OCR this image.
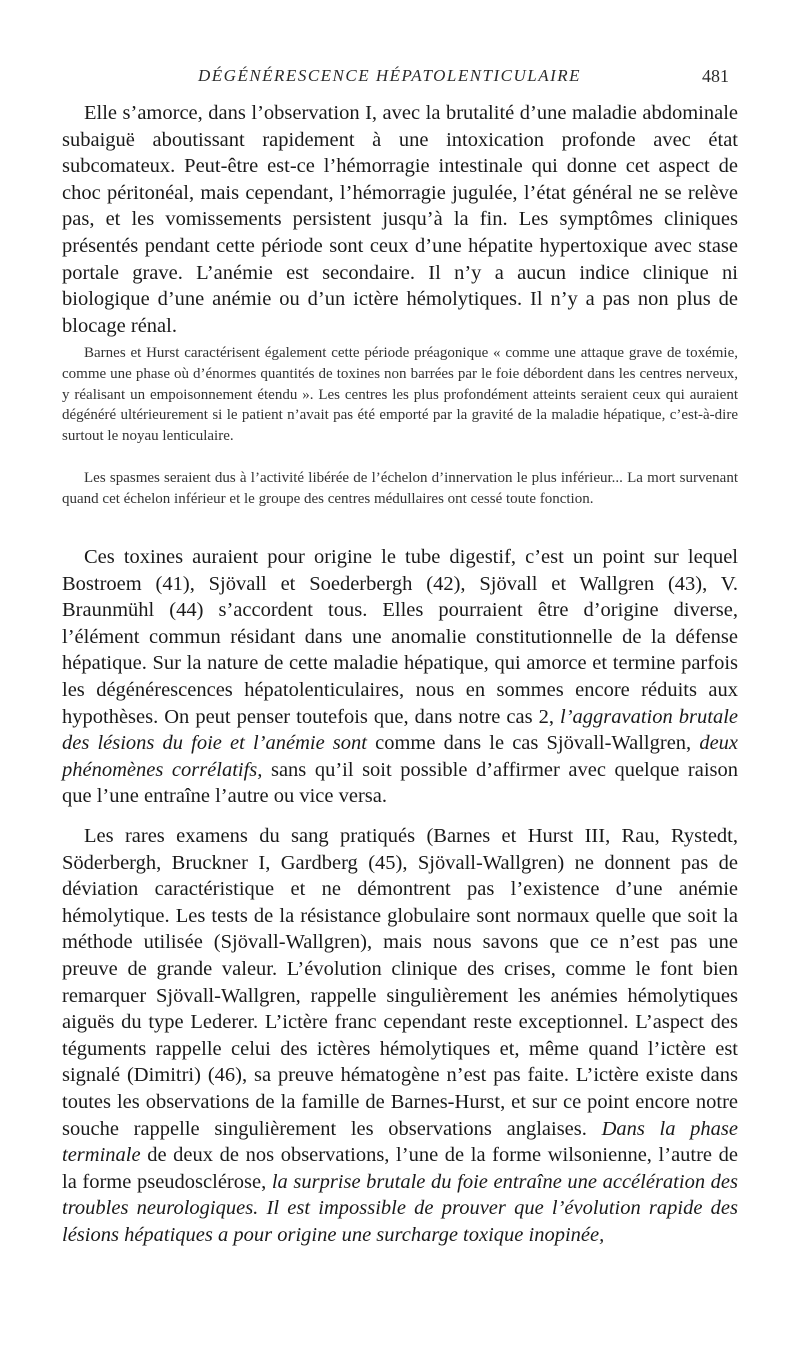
DÉGÉNÉRESCENCE HÉPATOLENTICULAIRE	481

Elle s’amorce, dans l’observation I, avec la brutalité d’une maladie abdominale subaiguë aboutissant rapidement à une intoxication profonde avec état subcomateux. Peut-être est-ce l’hémorragie intestinale qui donne cet aspect de choc péritonéal, mais cependant, l’hémorragie jugulée, l’état général ne se relève pas, et les vomissements persistent jusqu’à la fin. Les symptômes cliniques présentés pendant cette période sont ceux d’une hépatite hypertoxique avec stase portale grave. L’anémie est secondaire. Il n’y a aucun indice clinique ni biologique d’une anémie ou d’un ictère hémolytiques. Il n’y a pas non plus de blocage rénal.

Barnes et Hurst caractérisent également cette période préagonique « comme une attaque grave de toxémie, comme une phase où d’énormes quantités de toxines non barrées par le foie débordent dans les centres nerveux, y réalisant un empoisonnement étendu ». Les centres les plus profondément atteints seraient ceux qui auraient dégénéré ultérieurement si le patient n’avait pas été emporté par la gravité de la maladie hépatique, c’est-à-dire surtout le noyau lenticulaire.

Les spasmes seraient dus à l’activité libérée de l’échelon d’innervation le plus inférieur... La mort survenant quand cet échelon inférieur et le groupe des centres médullaires ont cessé toute fonction.

Ces toxines auraient pour origine le tube digestif, c’est un point sur lequel Bostroem (41), Sjövall et Soederbergh (42), Sjövall et Wallgren (43), V. Braunmühl (44) s’accordent tous. Elles pourraient être d’origine diverse, l’élément commun résidant dans une anomalie constitutionnelle de la défense hépatique. Sur la nature de cette maladie hépatique, qui amorce et termine parfois les dégénérescences hépatolenticulaires, nous en sommes encore réduits aux hypothèses. On peut penser toutefois que, dans notre cas 2, l’aggravation brutale des lésions du foie et l’anémie sont comme dans le cas Sjövall-Wallgren, deux phénomènes corrélatifs, sans qu’il soit possible d’affirmer avec quelque raison que l’une entraîne l’autre ou vice versa.

Les rares examens du sang pratiqués (Barnes et Hurst III, Rau, Rystedt, Söderbergh, Bruckner I, Gardberg (45), Sjövall-Wallgren) ne donnent pas de déviation caractéristique et ne démontrent pas l’existence d’une anémie hémolytique. Les tests de la résistance globulaire sont normaux quelle que soit la méthode utilisée (Sjövall-Wallgren), mais nous savons que ce n’est pas une preuve de grande valeur. L’évolution clinique des crises, comme le font bien remarquer Sjövall-Wallgren, rappelle singulièrement les anémies hémolytiques aiguës du type Lederer. L’ictère franc cependant reste exceptionnel. L’aspect des téguments rappelle celui des ictères hémolytiques et, même quand l’ictère est signalé (Dimitri) (46), sa preuve hématogène n’est pas faite. L’ictère existe dans toutes les observations de la famille de Barnes-Hurst, et sur ce point encore notre souche rappelle singulièrement les observations anglaises. Dans la phase terminale de deux de nos observations, l’une de la forme wilsonienne, l’autre de la forme pseudosclérose, la surprise brutale du foie entraîne une accélération des troubles neurologiques. Il est impossible de prouver que l’évolution rapide des lésions hépatiques a pour origine une surcharge toxique inopinée,
